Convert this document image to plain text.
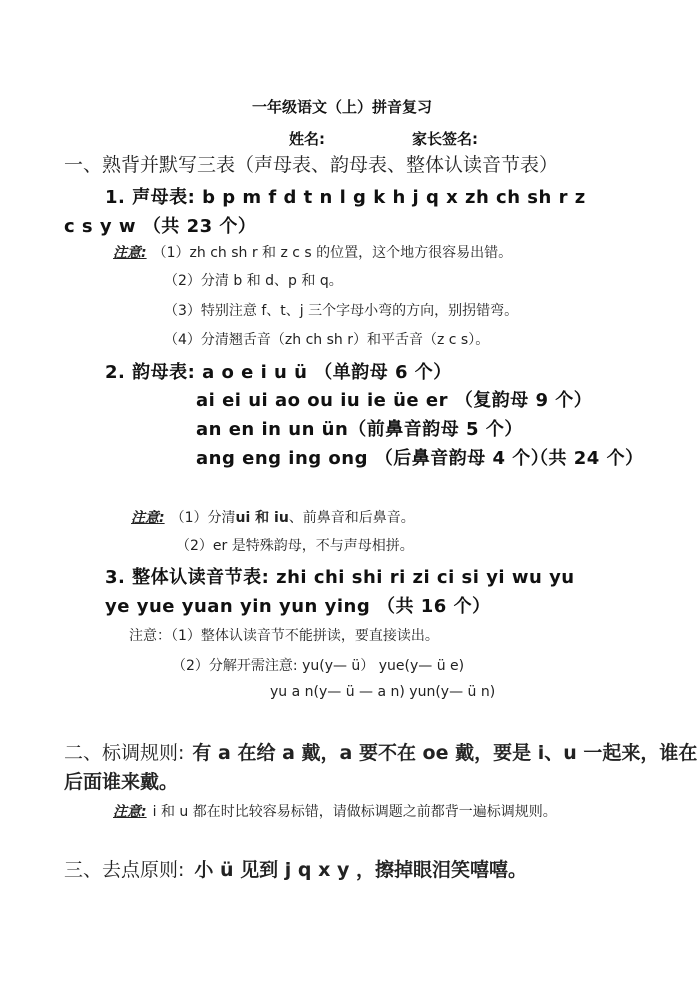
一年级语文（上）拼音复习
姓名:	家长签名:
一、熟背并默写三表（声母表、韵母表、整体认读音节表）
1. 声母表: b p m f d t n l g k h j q x zh ch sh r z
c s y w （共 23 个）
注意: （1）zh ch sh r 和 z c s 的位置，这个地方很容易出错。
（2）分清 b 和 d、p 和 q。
（3）特别注意 f、t、j 三个字母小弯的方向，别拐错弯。
（4）分清翘舌音（zh ch sh r）和平舌音（z c s）。
2. 韵母表: a o e i u ü （单韵母 6 个）
ai ei ui ao ou iu ie üe er （复韵母 9 个）
an en in un ün（前鼻音韵母 5 个）
ang eng ing ong （后鼻音韵母 4 个）
（共 24 个）
注意: （1）分清ui 和 iu、前鼻音和后鼻音。
（2）er 是特殊韵母，不与声母相拼。
3. 整体认读音节表: zhi chi shi ri zi ci si yi wu yu
ye yue yuan yin yun ying （共 16 个）
注意：（1）整体认读音节不能拼读，要直接读出。
（2）分解开需注意: yu(y— ü） yue(y— ü e)
yu a n(y— ü — a n) yun(y— ü n)
二、标调规则: 有 a 在给 a 戴，a 要不在 oe 戴，要是 i、u 一起来，谁在
后面谁来戴。
注意: i 和 u 都在时比较容易标错，请做标调题之前都背一遍标调规则。
三、去点原则: 小 ü 见到 j q x y ，擦掉眼泪笑嘻嘻。
